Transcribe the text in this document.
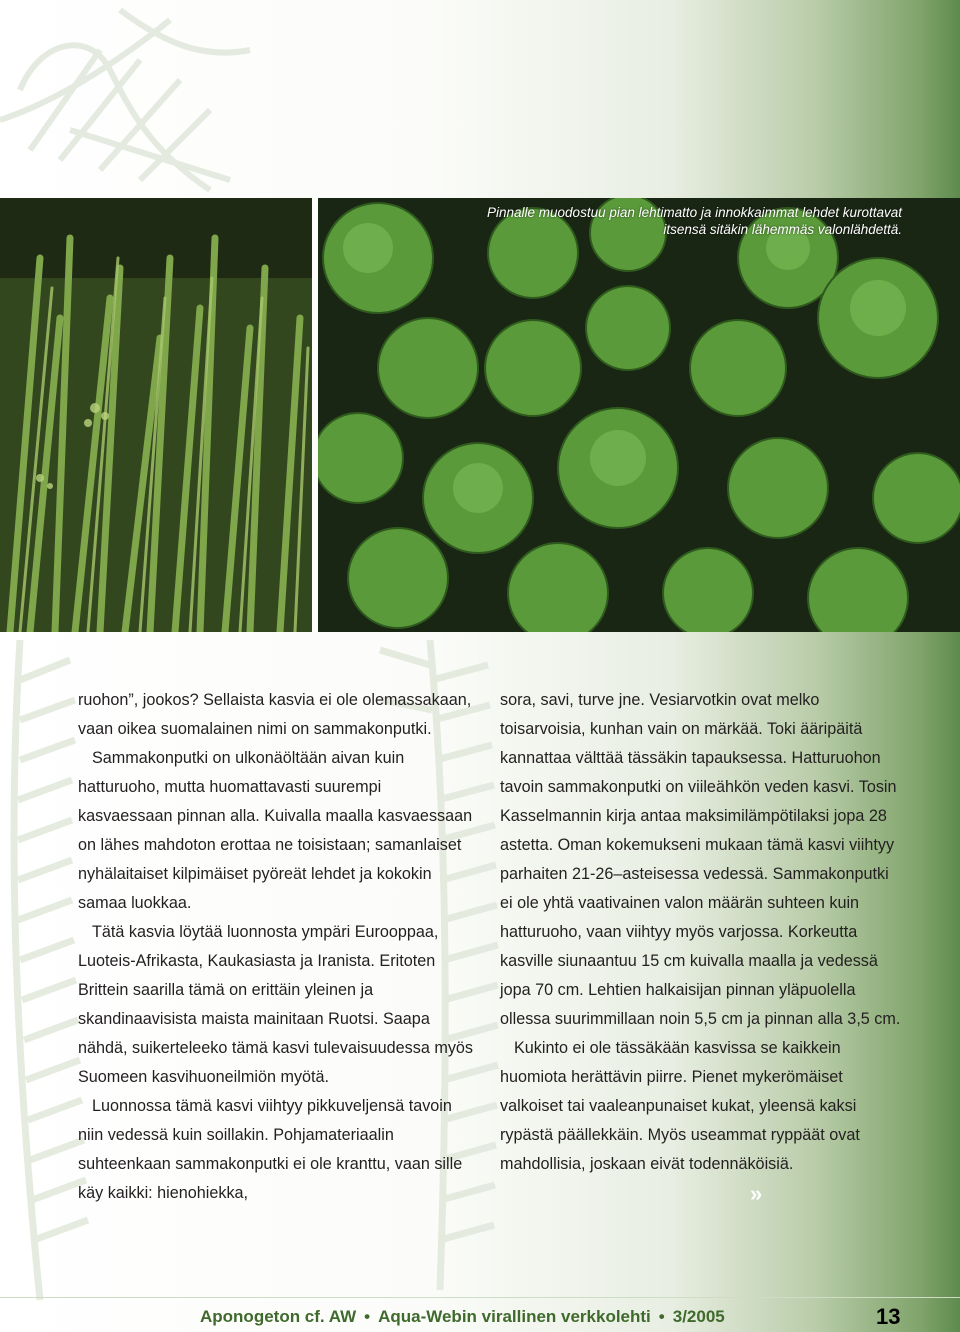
Pinnalle muodostuu pian lehtimatto ja innokkaimmat lehdet kurottavat
itsensä sitäkin lähemmäs valonlähdettä.

ruohon”, jookos? Sellaista kasvia ei ole olemassakaan, vaan oikea suomalainen nimi on sammakonputki.

Sammakonputki on ulkonäöltään aivan kuin hatturuoho, mutta huomattavasti suurempi kasvaessaan pinnan alla. Kuivalla maalla kasvaessaan on lähes mahdoton erottaa ne toisistaan; samanlaiset nyhälaitaiset kilpimäiset pyöreät lehdet ja kokokin samaa luokkaa.

Tätä kasvia löytää luonnosta ympäri Eurooppaa, Luoteis-Afrikasta, Kaukasiasta ja Iranista. Eritoten Brittein saarilla tämä on erittäin yleinen ja skandinaavisista maista mainitaan Ruotsi. Saapa nähdä, suikerteleeko tämä kasvi tulevaisuudessa myös Suomeen kasvihuoneilmiön myötä.

Luonnossa tämä kasvi viihtyy pikkuveljensä tavoin niin vedessä kuin soillakin. Pohjamateriaalin suhteenkaan sammakonputki ei ole kranttu, vaan sille käy kaikki: hienohiekka,

sora, savi, turve jne. Vesiarvotkin ovat melko toisarvoisia, kunhan vain on märkää. Toki ääripäitä kannattaa välttää tässäkin tapauksessa. Hatturuohon tavoin sammakonputki on viileähkön veden kasvi. Tosin Kasselmannin kirja antaa maksimilämpötilaksi jopa 28 astetta. Oman kokemukseni mukaan tämä kasvi viihtyy parhaiten 21-26–asteisessa vedessä. Sammakonputki ei ole yhtä vaativainen valon määrän suhteen kuin hatturuoho, vaan viihtyy myös varjossa. Korkeutta kasville siunaantuu 15 cm kuivalla maalla ja vedessä jopa 70 cm. Lehtien halkaisijan pinnan yläpuolella ollessa suurimmillaan noin 5,5 cm ja pinnan alla 3,5 cm.

Kukinto ei ole tässäkään kasvissa se kaikkein huomiota herättävin piirre. Pienet mykerömäiset valkoiset tai vaaleanpunaiset kukat, yleensä kaksi rypästä päällekkäin. Myös useammat ryppäät ovat mahdollisia, joskaan eivät todennäköisiä.»

Aponogeton cf. AW • Aqua-Webin virallinen verkkolehti • 3/2005	13
